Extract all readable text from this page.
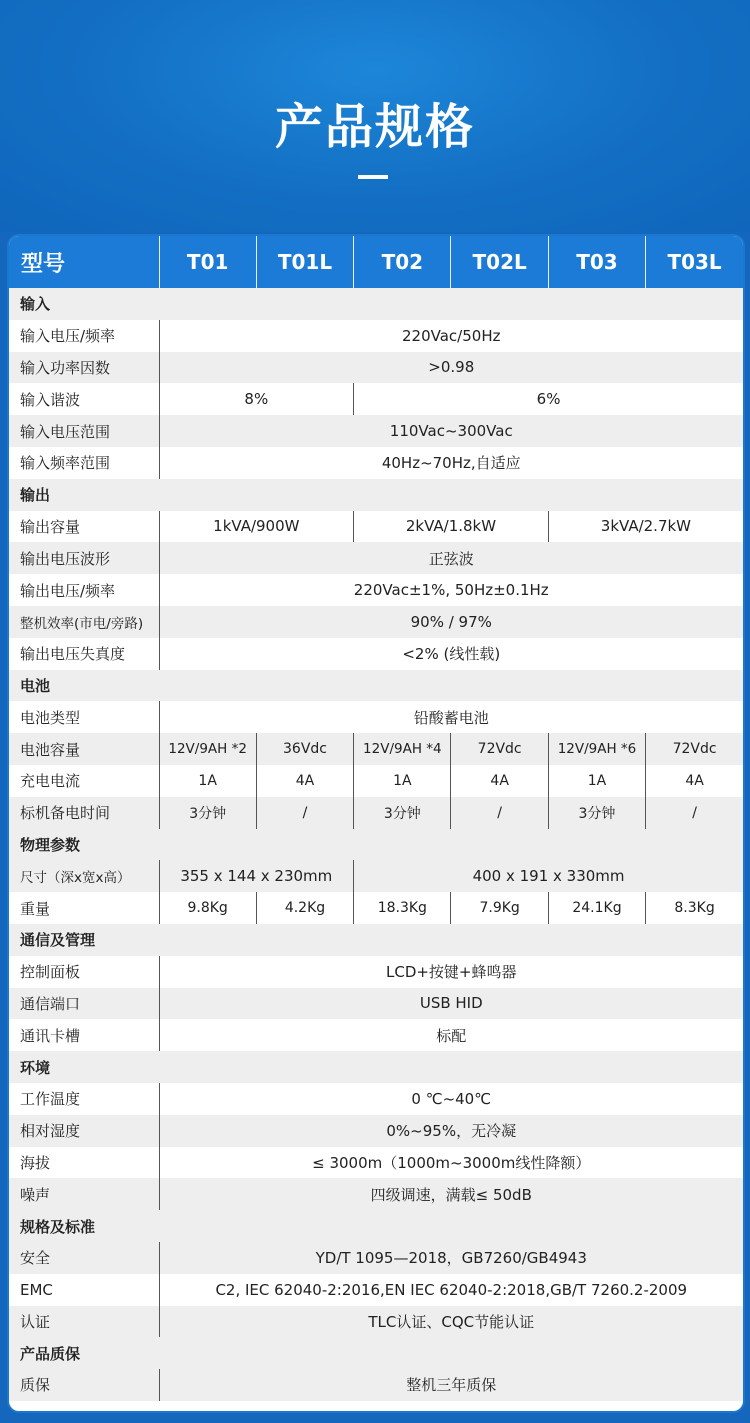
产品规格
型号	T01	T01L	T02	T02L	T03	T03L
输入						
输入电压/频率	220Vac/50Hz					
输入功率因数	>0.98					
输入谐波	8%		6%			
输入电压范围	110Vac~300Vac					
输入频率范围	40Hz~70Hz,自适应					
输出						
输出容量	1kVA/900W		2kVA/1.8kW		3kVA/2.7kW	
输出电压波形	正弦波					
输出电压/频率	220Vac±1%, 50Hz±0.1Hz					
整机效率(市电/旁路)	90% / 97%					
输出电压失真度	<2% (线性载)					
电池						
电池类型	铅酸蓄电池					
电池容量	12V/9AH *2	36Vdc	12V/9AH *4	72Vdc	12V/9AH *6	72Vdc
充电电流	1A	4A	1A	4A	1A	4A
标机备电时间	3分钟	/	3分钟	/	3分钟	/
物理参数						
尺寸（深x宽x高）	355 x 144 x 230mm		400 x 191 x 330mm			
重量	9.8Kg	4.2Kg	18.3Kg	7.9Kg	24.1Kg	8.3Kg
通信及管理						
控制面板	LCD+按键+蜂鸣器					
通信端口	USB HID					
通讯卡槽	标配					
环境						
工作温度	0 ℃~40℃					
相对湿度	0%~95%，无冷凝					
海拔	≤ 3000m（1000m~3000m线性降额）					
噪声	四级调速，满载≤ 50dB					
规格及标准						
安全	YD/T 1095—2018，GB7260/GB4943					
EMC	C2, IEC 62040-2:2016,EN IEC 62040-2:2018,GB/T 7260.2-2009					
认证	TLC认证、CQC节能认证					
产品质保						
质保	整机三年质保					
